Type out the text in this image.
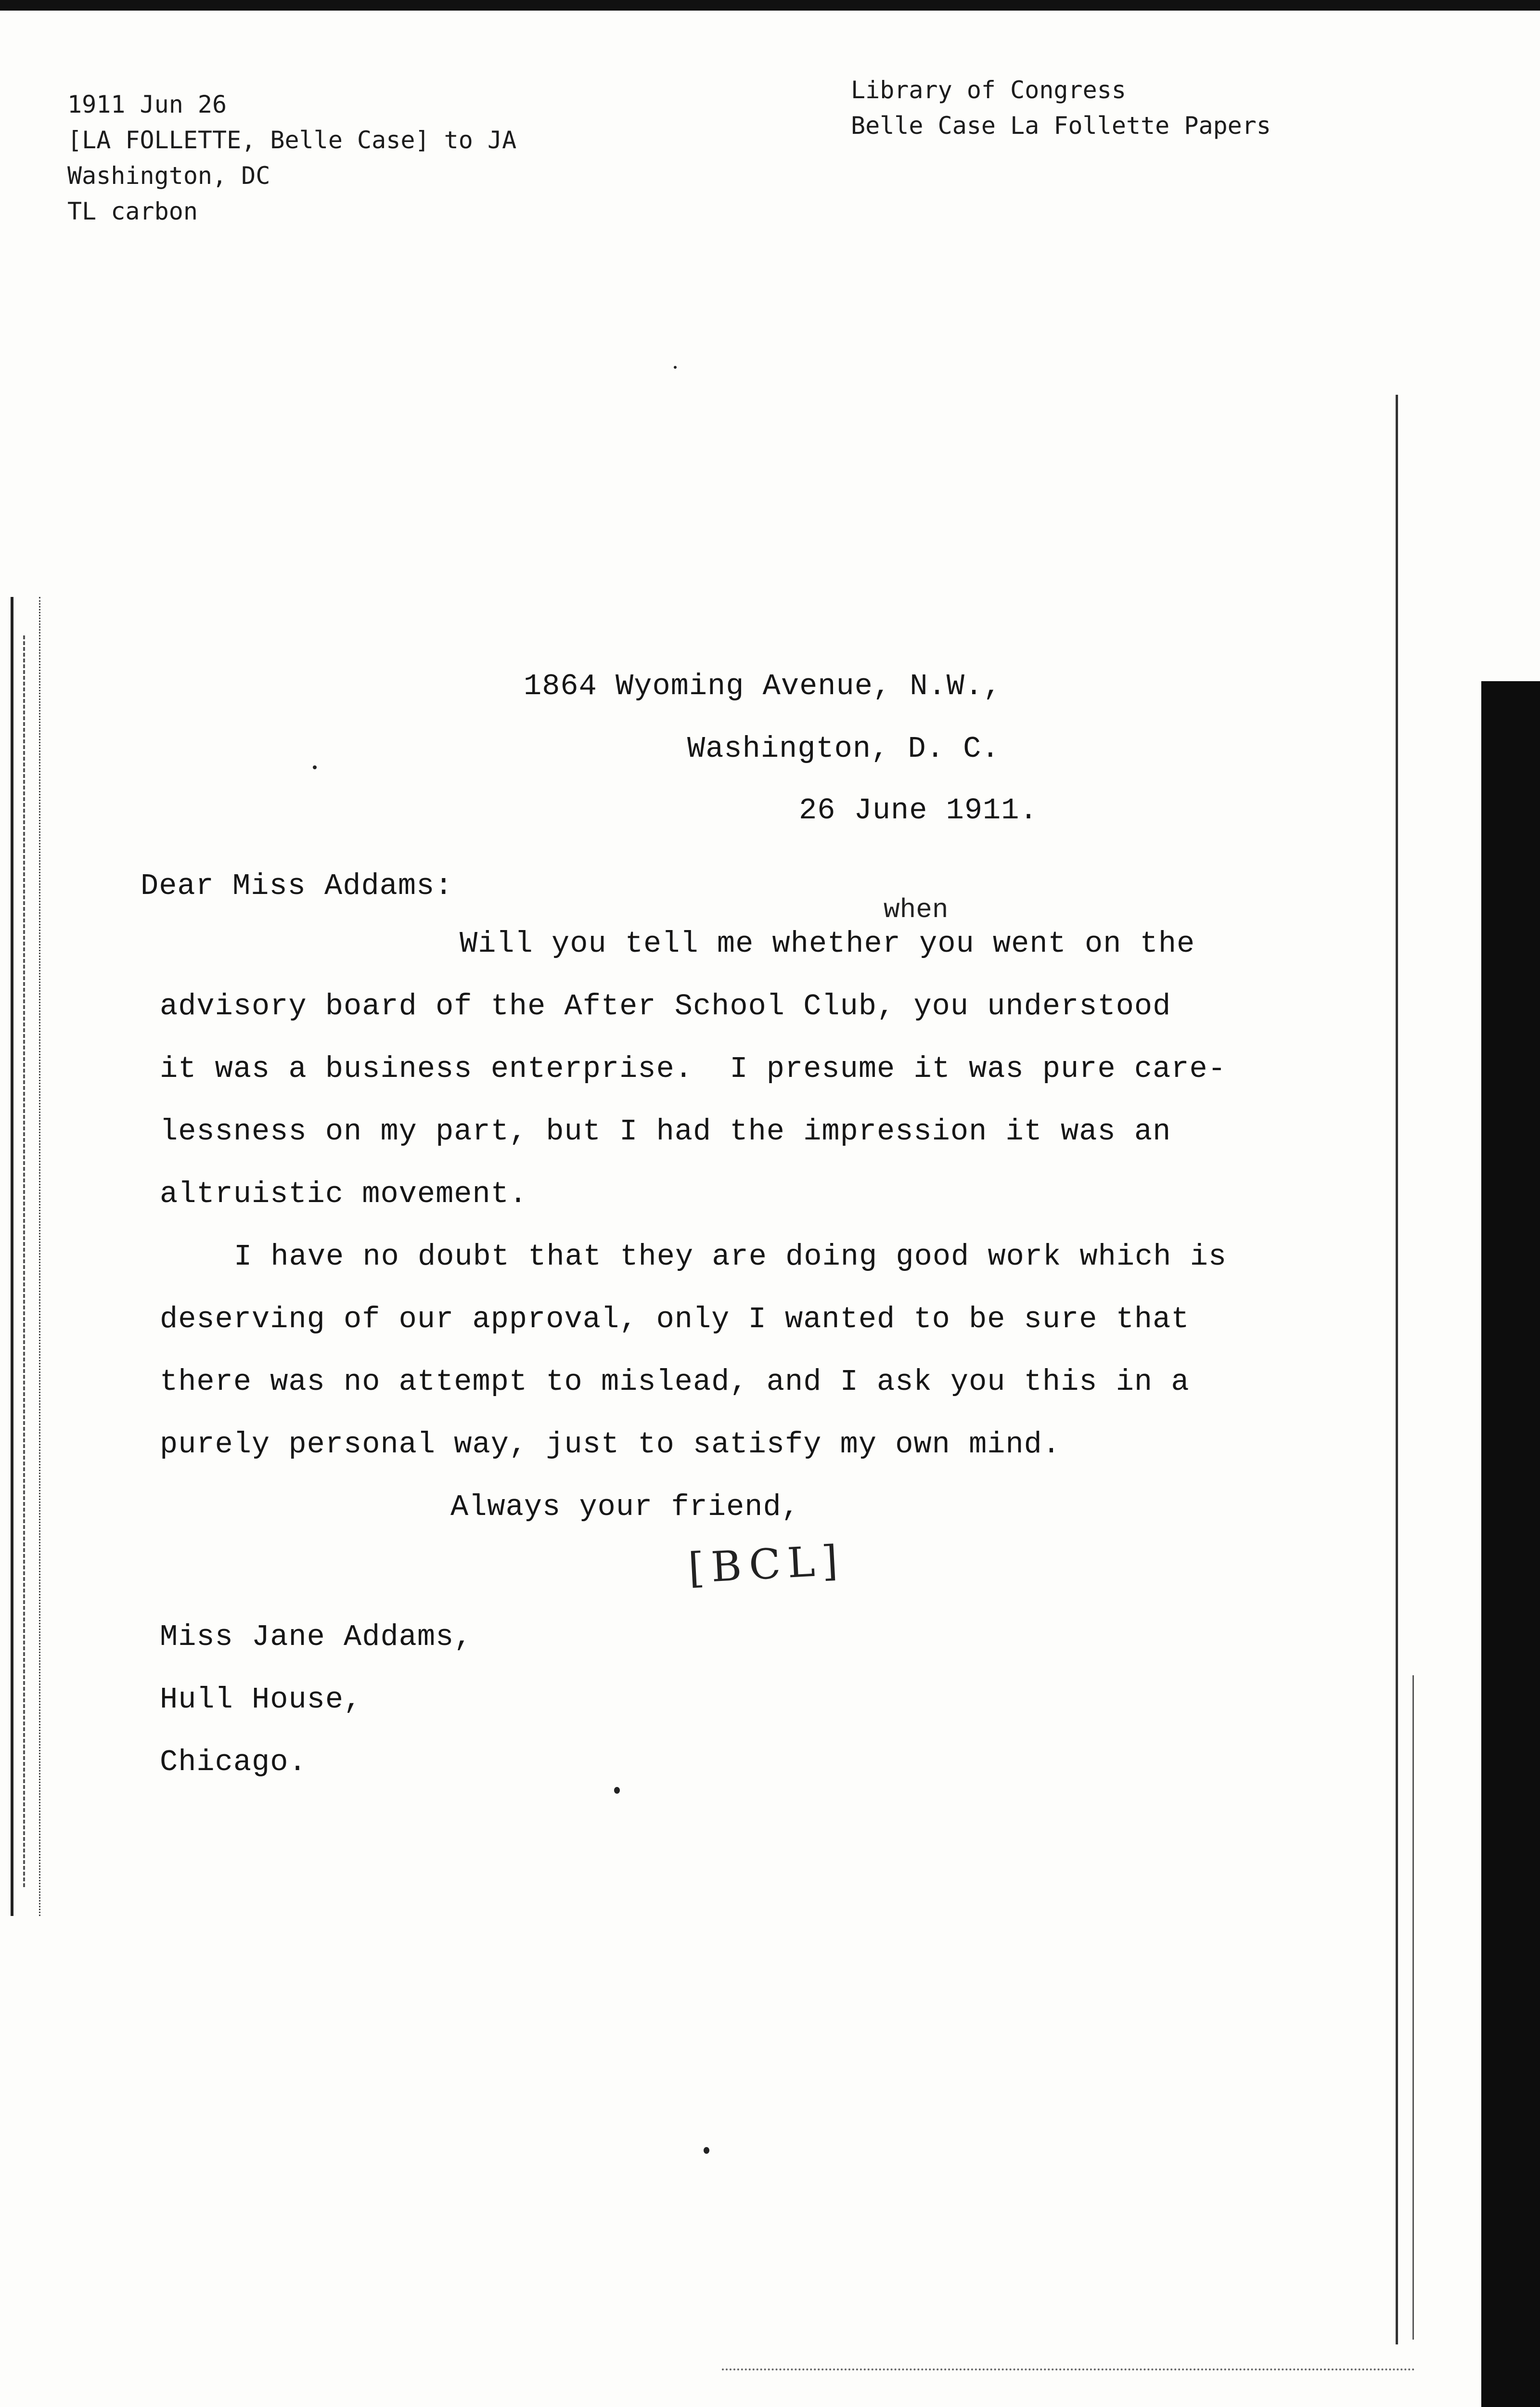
1911 Jun 26
[LA FOLLETTE, Belle Case] to JA
Washington, DC
TL carbon
Library of Congress
Belle Case La Follette Papers
1864 Wyoming Avenue, N.W.,
Washington, D. C.
26 June 1911.
Dear Miss Addams:
when
Will you tell me whether you went on the
advisory board of the After School Club, you understood
it was a business enterprise.  I presume it was pure care-
lessness on my part, but I had the impression it was an
altruistic movement.
I have no doubt that they are doing good work which is
deserving of our approval, only I wanted to be sure that
there was no attempt to mislead, and I ask you this in a
purely personal way, just to satisfy my own mind.
Always your friend,
[BCL]
Miss Jane Addams,
Hull House,
Chicago.
